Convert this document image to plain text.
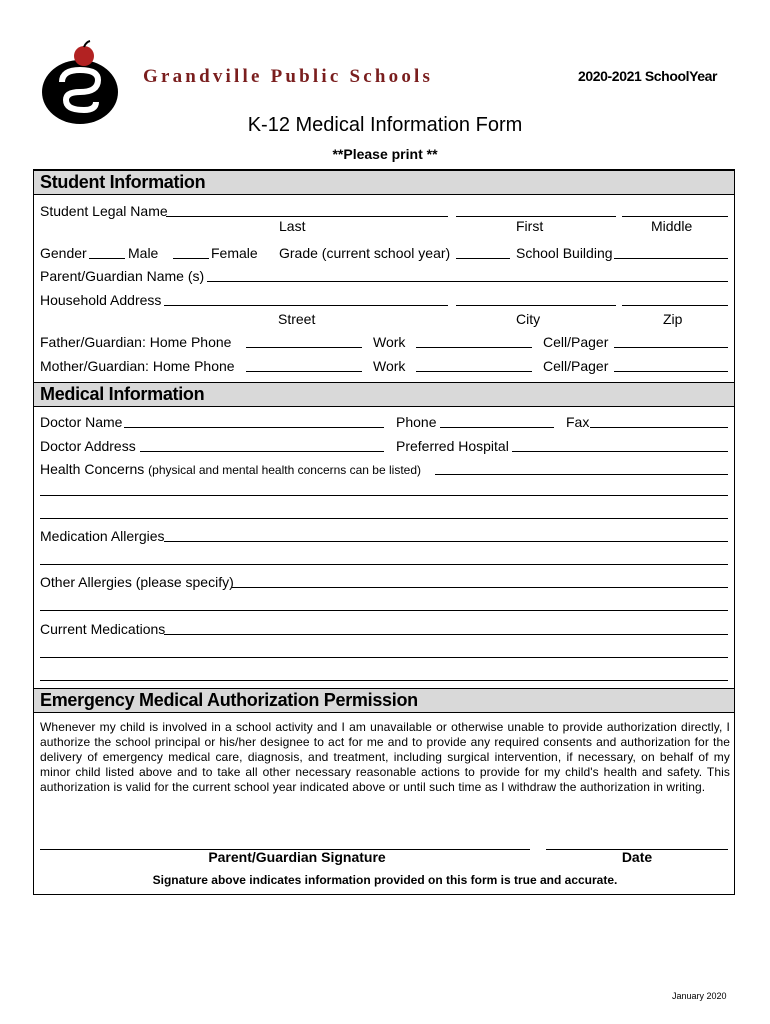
Grandville Public Schools	2020-2021 SchoolYear
K-12 Medical Information Form
**Please print **
Student Information
Student Legal Name
Last	First	Middle
Gender	Male	Female Grade (current school year)	School Building
Parent/Guardian Name (s)
Household Address
Street	City	Zip
Father/Guardian: Home Phone	Work	Cell/Pager
Mother/Guardian: Home Phone	Work	Cell/Pager
Medical Information
Doctor Name	Phone	Fax
Doctor Address	Preferred Hospital
Health Concerns (physical and mental health concerns can be listed)
Medication Allergies
Other Allergies (please specify)
Current Medications
Emergency Medical Authorization Permission
Whenever my child is involved in a school activity and I am unavailable or otherwise unable to provide authorization directly, I authorize the school principal or his/her designee to act for me and to provide any required consents and authorization for the delivery of emergency medical care, diagnosis, and treatment, including surgical intervention, if necessary, on behalf of my minor child listed above and to take all other necessary reasonable actions to provide for my child's health and safety. This authorization is valid for the current school year indicated above or until such time as I withdraw the authorization in writing.
Parent/Guardian Signature	Date
Signature above indicates information provided on this form is true and accurate.
January 2020
